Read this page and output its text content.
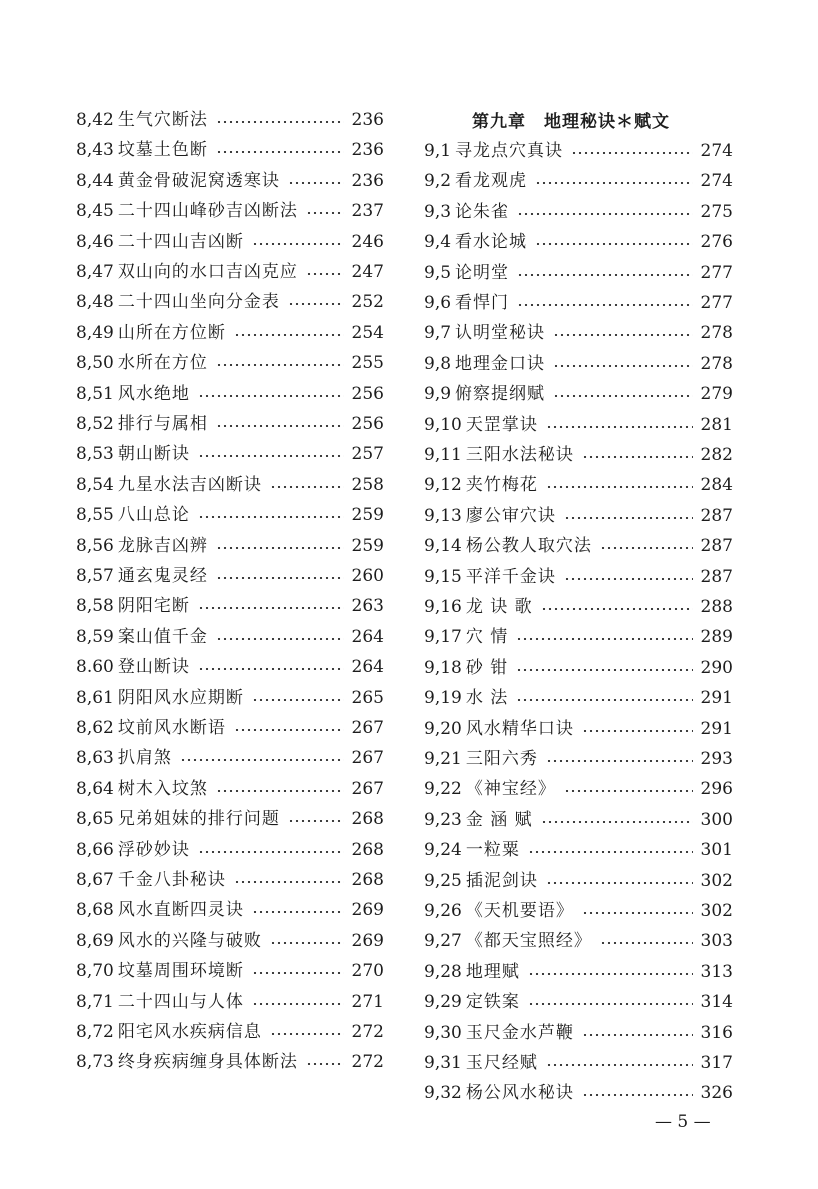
8,42 生气穴断法	236
8,43 坟墓土色断	236
8,44 黄金骨破泥窝透寒诀	236
8,45 二十四山峰砂吉凶断法	237
8,46 二十四山吉凶断	246
8,47 双山向的水口吉凶克应	247
8,48 二十四山坐向分金表	252
8,49 山所在方位断	254
8,50 水所在方位	255
8,51 风水绝地	256
8,52 排行与属相	256
8,53 朝山断诀	257
8,54 九星水法吉凶断诀	258
8,55 八山总论	259
8,56 龙脉吉凶辨	259
8,57 通玄鬼灵经	260
8,58 阴阳宅断	263
8,59 案山值千金	264
8.60 登山断诀	264
8,61 阴阳风水应期断	265
8,62 坟前风水断语	267
8,63 扒肩煞	267
8,64 树木入坟煞	267
8,65 兄弟姐妹的排行问题	268
8,66 浮砂妙诀	268
8,67 千金八卦秘诀	268
8,68 风水直断四灵诀	269
8,69 风水的兴隆与破败	269
8,70 坟墓周围环境断	270
8,71 二十四山与人体	271
8,72 阳宅风水疾病信息	272
8,73 终身疾病缠身具体断法	272
第九章 地理秘诀＊赋文
9,1 寻龙点穴真诀	274
9,2 看龙观虎	274
9,3 论朱雀	275
9,4 看水论城	276
9,5 论明堂	277
9,6 看悍门	277
9,7 认明堂秘诀	278
9,8 地理金口诀	278
9,9 俯察提纲赋	279
9,10 天罡掌诀	281
9,11 三阳水法秘诀	282
9,12 夹竹梅花	284
9,13 廖公审穴诀	287
9,14 杨公教人取穴法	287
9,15 平洋千金诀	287
9,16 龙 诀 歌	288
9,17 穴 情	289
9,18 砂 钳	290
9,19 水 法	291
9,20 风水精华口诀	291
9,21 三阳六秀	293
9,22 《神宝经》	296
9,23 金 涵 赋	300
9,24 一粒粟	301
9,25 插泥剑诀	302
9,26 《天机要语》	302
9,27 《都天宝照经》	303
9,28 地理赋	313
9,29 定铁案	314
9,30 玉尺金水芦鞭	316
9,31 玉尺经赋	317
9,32 杨公风水秘诀	326
— 5 —
